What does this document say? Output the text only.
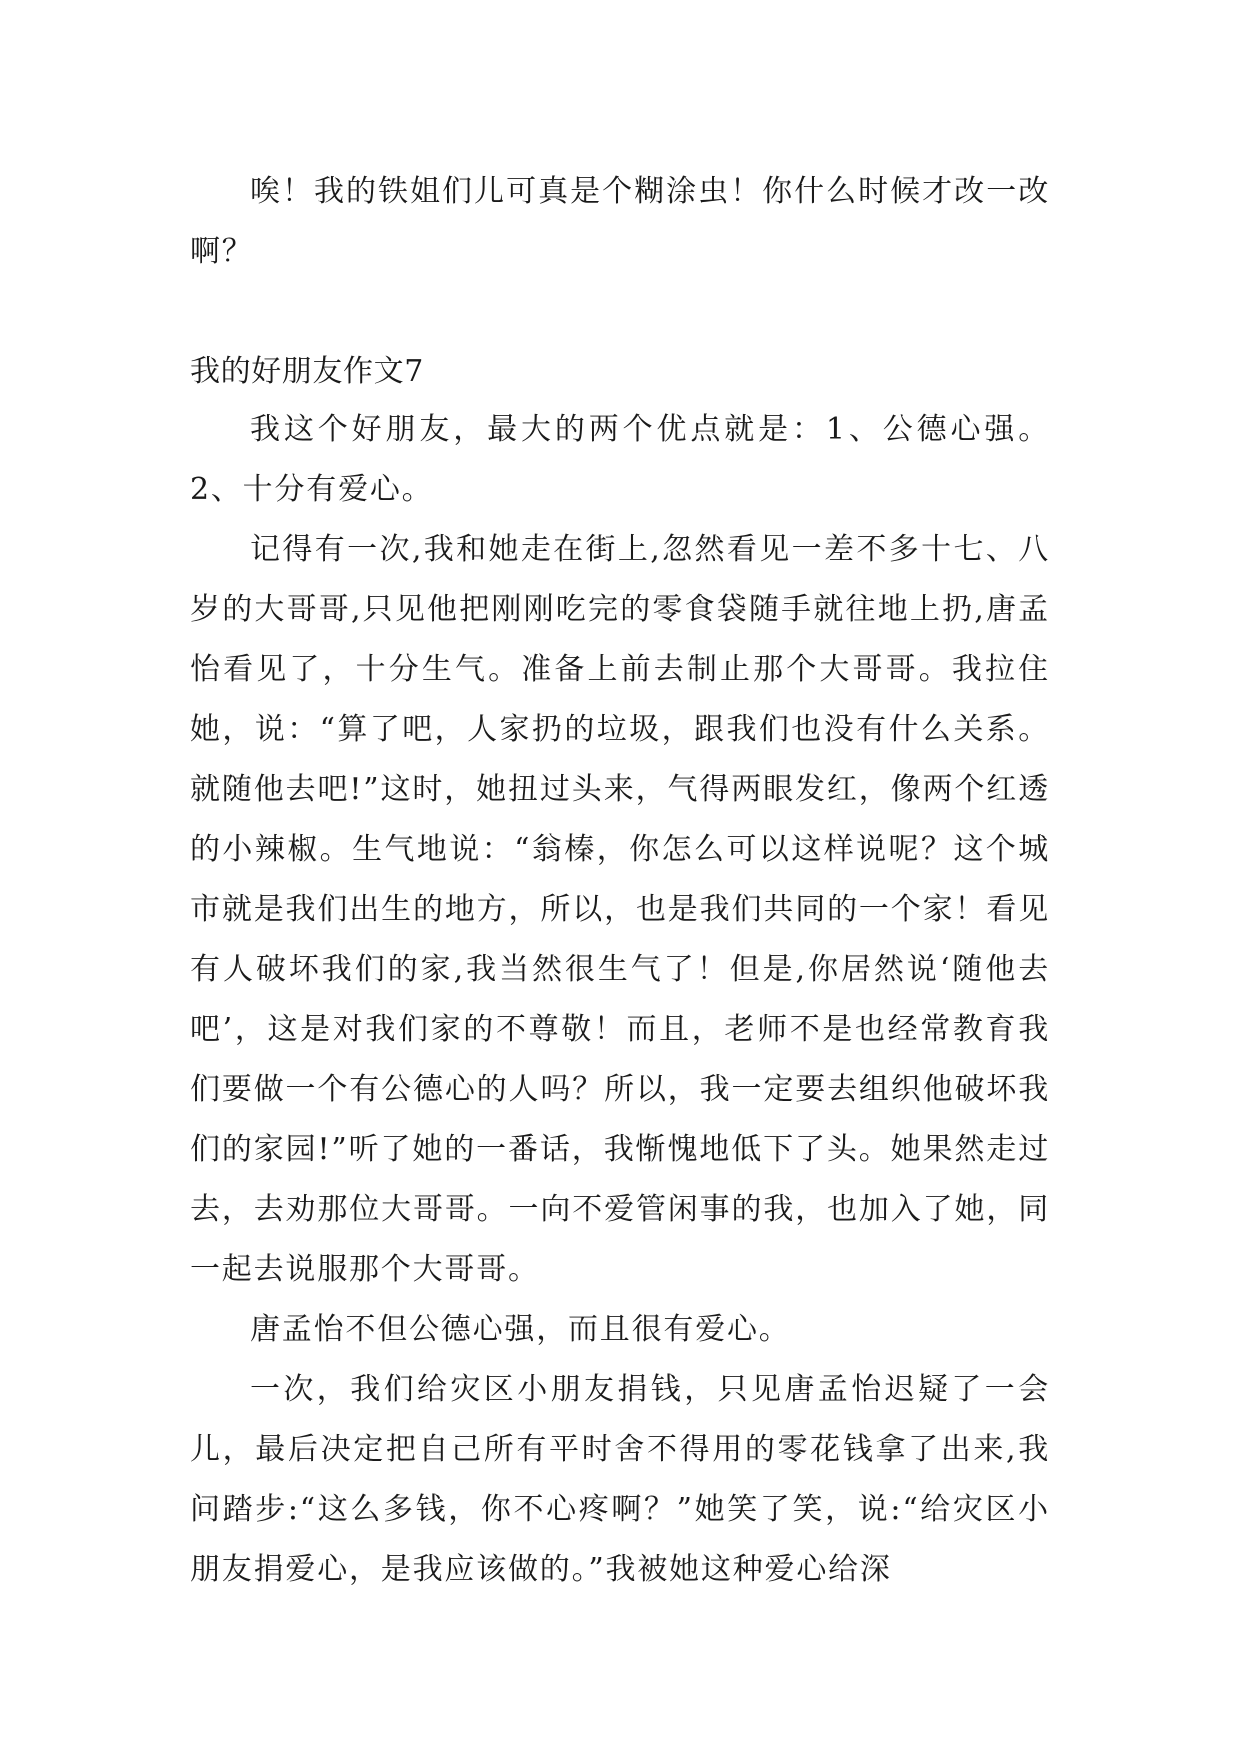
唉！我的铁姐们儿可真是个糊涂虫！你什么时候才改一改啊？

我的好朋友作文7

我这个好朋友，最大的两个优点就是：1、公德心强。2、十分有爱心。

记得有一次,我和她走在街上,忽然看见一差不多十七、八岁的大哥哥,只见他把刚刚吃完的零食袋随手就往地上扔,唐孟怡看见了，十分生气。准备上前去制止那个大哥哥。我拉住她，说：“算了吧，人家扔的垃圾，跟我们也没有什么关系。就随他去吧!”这时，她扭过头来，气得两眼发红，像两个红透的小辣椒。生气地说：“翁榛，你怎么可以这样说呢？这个城市就是我们出生的地方，所以，也是我们共同的一个家！看见有人破坏我们的家,我当然很生气了！但是,你居然说‘随他去吧’，这是对我们家的不尊敬！而且，老师不是也经常教育我们要做一个有公德心的人吗？所以，我一定要去组织他破坏我们的家园!”听了她的一番话，我惭愧地低下了头。她果然走过去，去劝那位大哥哥。一向不爱管闲事的我，也加入了她，同一起去说服那个大哥哥。

唐孟怡不但公德心强，而且很有爱心。

一次，我们给灾区小朋友捐钱，只见唐孟怡迟疑了一会儿，最后决定把自己所有平时舍不得用的零花钱拿了出来,我问踏步:“这么多钱，你不心疼啊？”她笑了笑，说:“给灾区小朋友捐爱心，是我应该做的。”我被她这种爱心给深
